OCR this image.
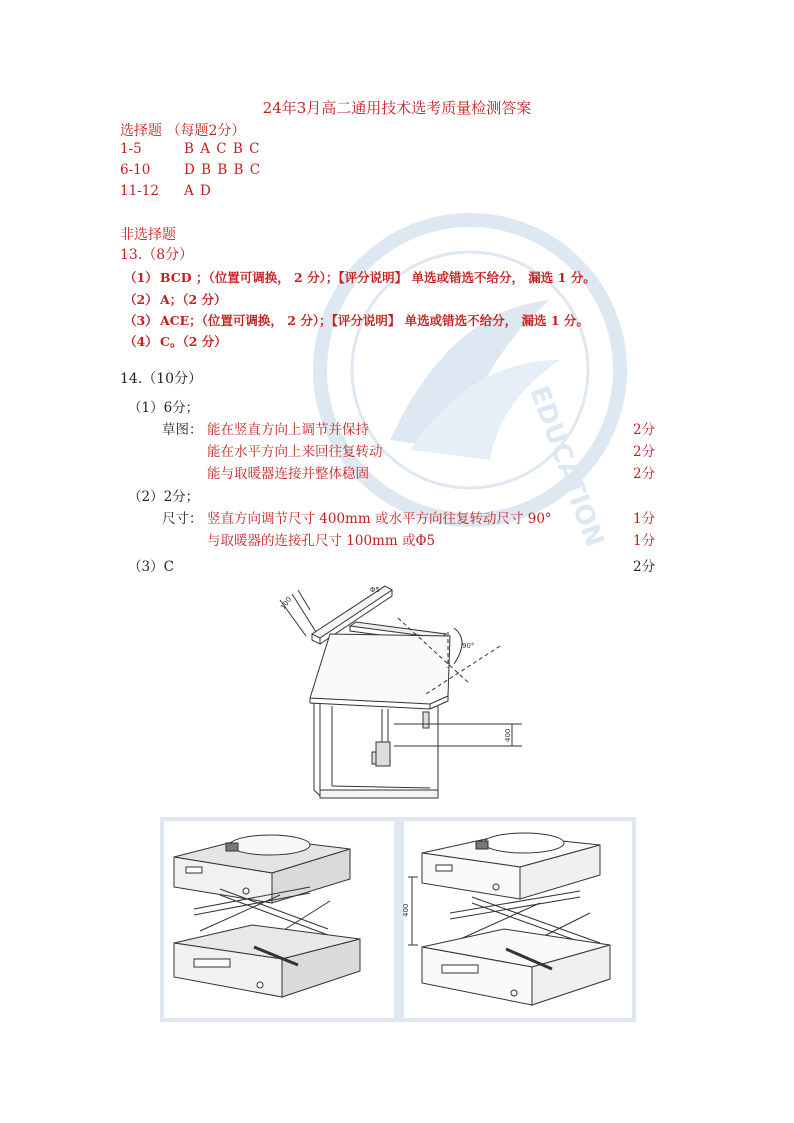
EDUCATION
24年3月高二通用技术选考质量检测答案
选择题 （每题2分）
1-5	B A C B C
6-10 D B B B C
11-12 A D
非选择题
13.（8分）
（1） BCD ；（位置可调换， 2 分）；【评分说明】 单选或错选不给分， 漏选 1 分。
（2） A；（2 分）
（3） ACE；（位置可调换， 2 分）；【评分说明】 单选或错选不给分， 漏选 1 分。
（4） C。（2 分）
14.（10分）
（1）6分；
草图： 能在竖直方向上调节并保持	2分
能在水平方向上来回往复转动	2分
能与取暖器连接并整体稳固	2分
（2）2分；
尺寸： 竖直方向调节尺寸 400mm 或水平方向往复转动尺寸 90°	1分
与取暖器的连接孔尺寸 100mm 或Φ5	1分
（3）C	2分
100
Φ5
90°
400
400
